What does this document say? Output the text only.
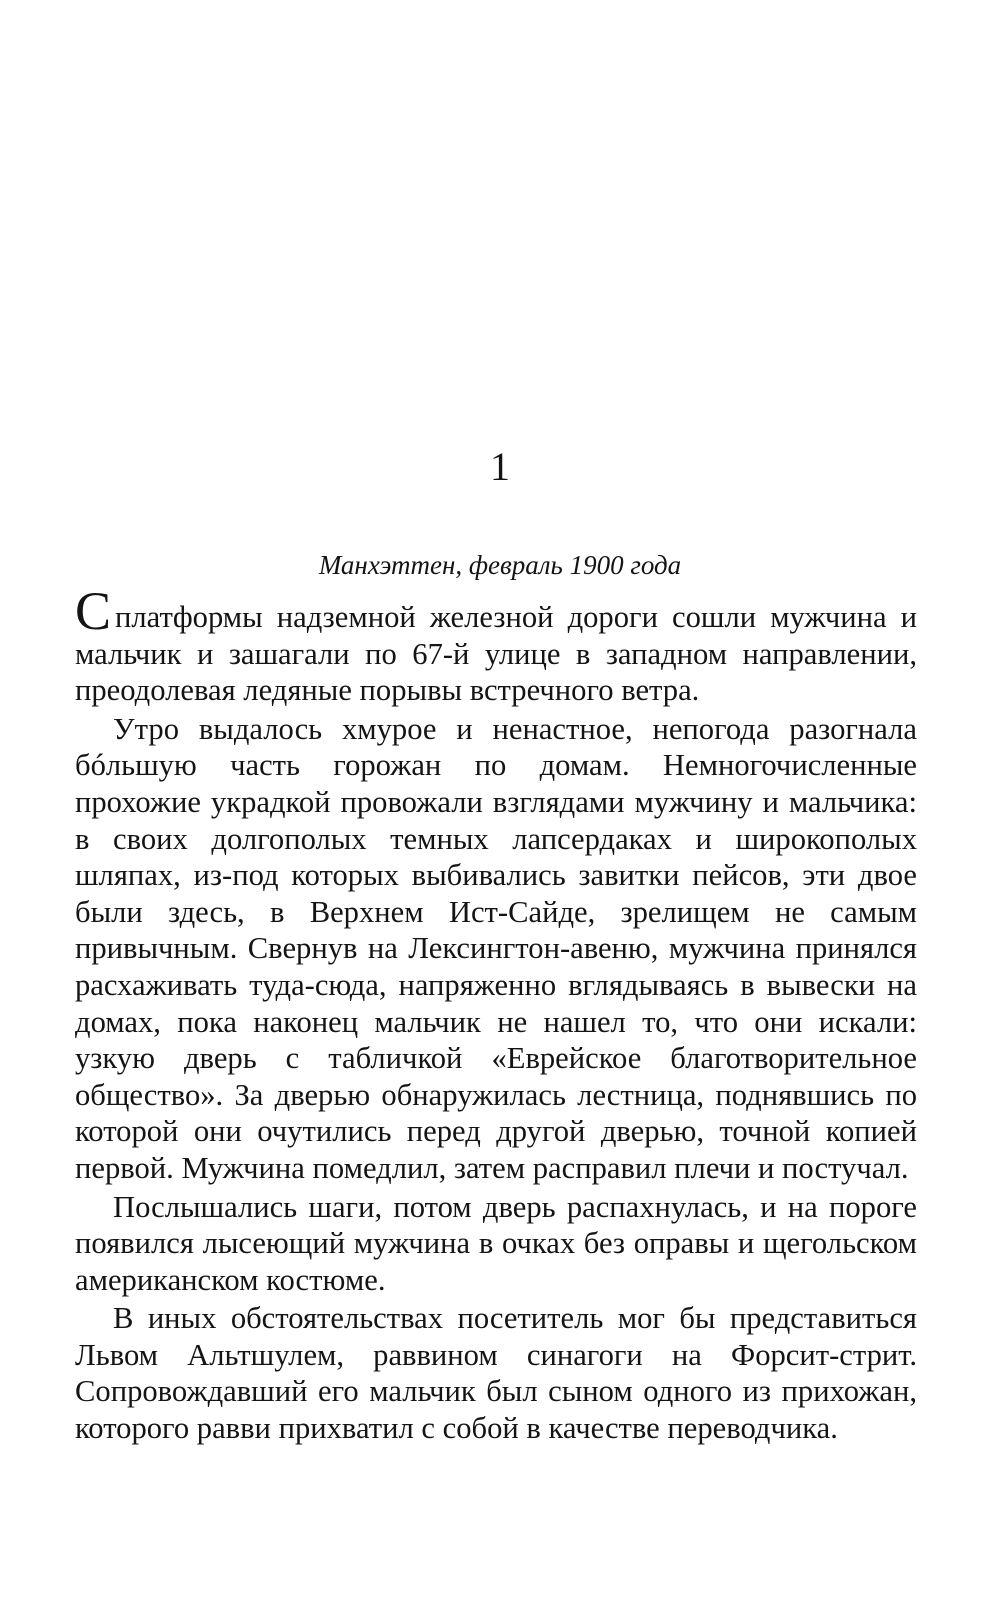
1

Манхэттен, февраль 1900 года

Сплатформы надземной железной дороги сошли мужчина и мальчик и зашагали по 67-й улице в западном направлении, преодолевая ледяные порывы встречного ветра.

Утро выдалось хмурое и ненастное, непогода разогнала бóльшую часть горожан по домам. Немногочисленные прохожие украдкой провожали взглядами мужчину и мальчика: в своих долгополых темных лапсердаках и широкополых шляпах, из-под которых выбивались завитки пейсов, эти двое были здесь, в Верхнем Ист-Сайде, зрелищем не самым привычным. Свернув на Лексингтон-авеню, мужчина принялся расхаживать туда-сюда, напряженно вглядываясь в вывески на домах, пока наконец мальчик не нашел то, что они искали: узкую дверь с табличкой «Еврейское благотворительное общество». За дверью обнаружилась лестница, поднявшись по которой они очутились перед другой дверью, точной копией первой. Мужчина помедлил, затем расправил плечи и постучал.

Послышались шаги, потом дверь распахнулась, и на пороге появился лысеющий мужчина в очках без оправы и щегольском американском костюме.

В иных обстоятельствах посетитель мог бы представиться Львом Альтшулем, раввином синагоги на Форсит-стрит. Сопровождавший его мальчик был сыном одного из прихожан, которого равви прихватил с собой в качестве переводчика.
